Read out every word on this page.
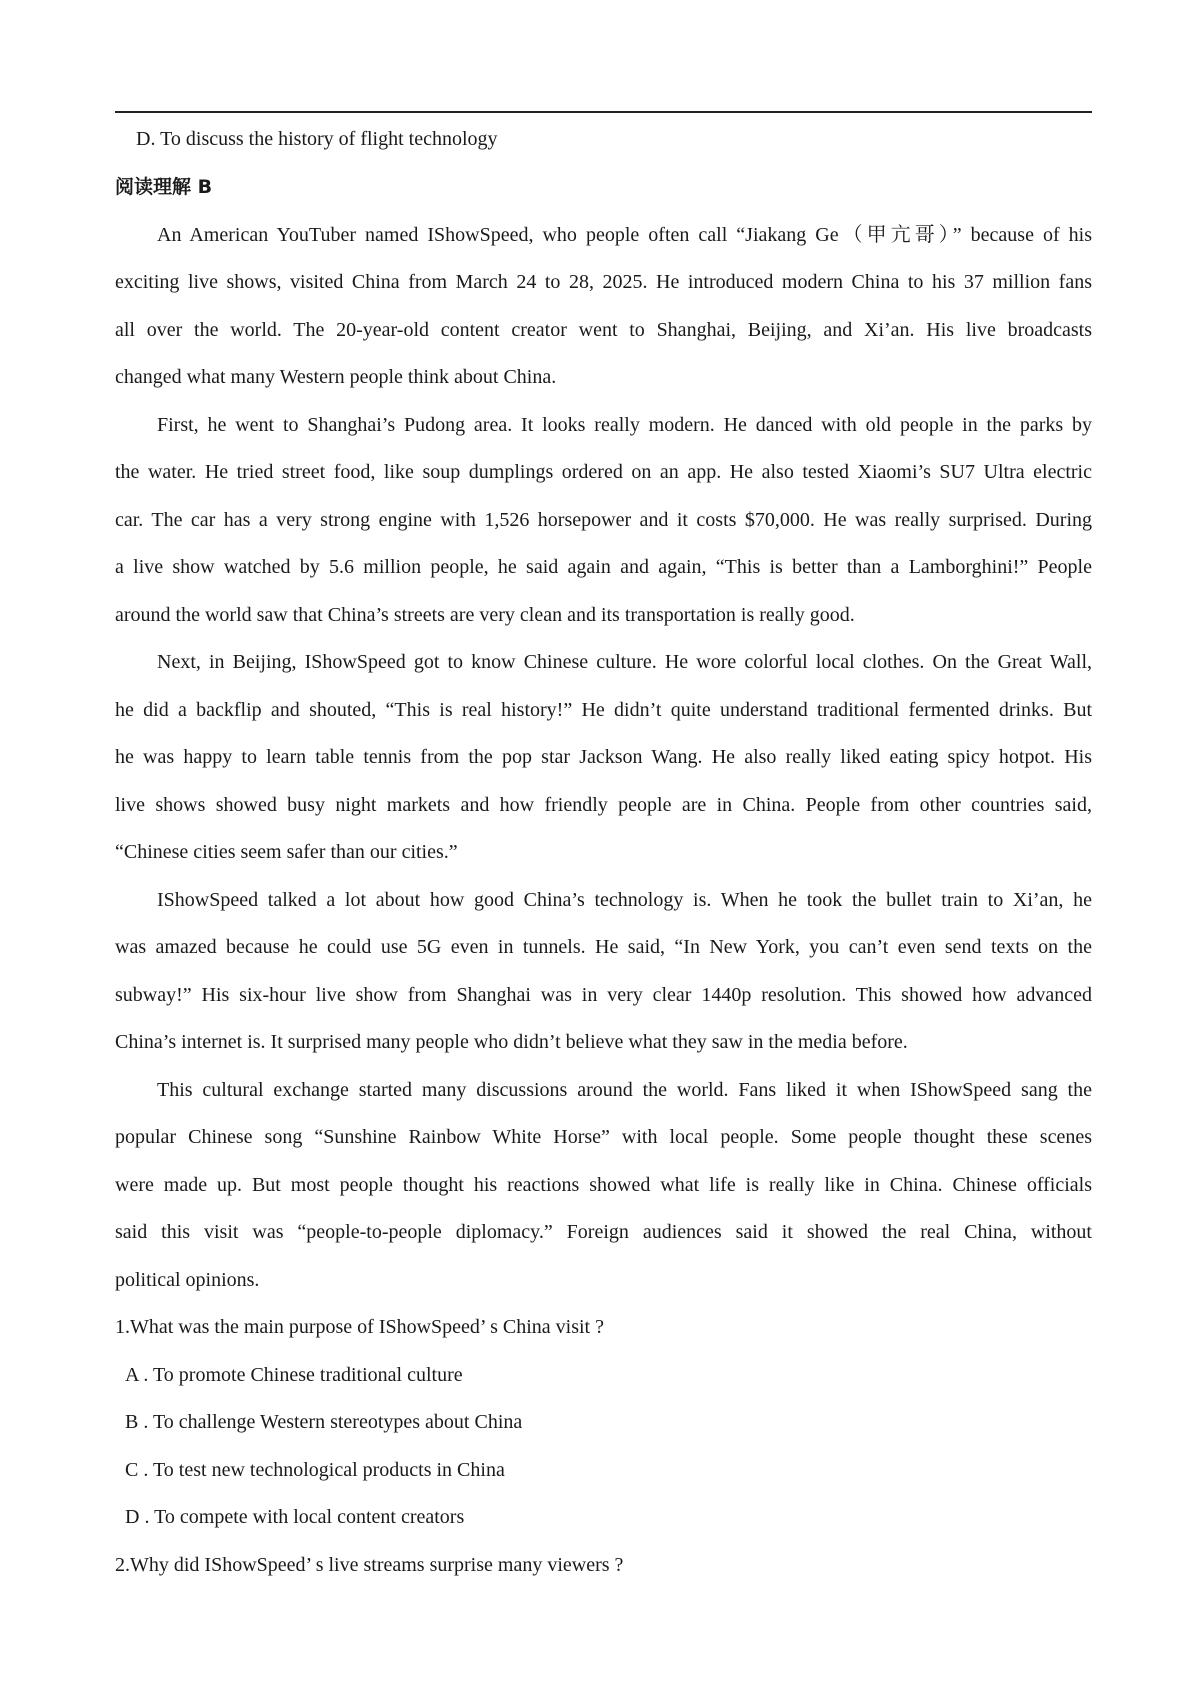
D. To discuss the history of flight technology
阅读理解 B
An American YouTuber named IShowSpeed, who people often call “Jiakang Ge（甲亢哥）” because of his
exciting live shows, visited China from March 24 to 28, 2025. He introduced modern China to his 37 million fans
all over the world. The 20-year-old content creator went to Shanghai, Beijing, and Xi’an. His live broadcasts
changed what many Western people think about China.
First, he went to Shanghai’s Pudong area. It looks really modern. He danced with old people in the parks by
the water. He tried street food, like soup dumplings ordered on an app. He also tested Xiaomi’s SU7 Ultra electric
car. The car has a very strong engine with 1,526 horsepower and it costs $70,000. He was really surprised. During
a live show watched by 5.6 million people, he said again and again, “This is better than a Lamborghini!” People
around the world saw that China’s streets are very clean and its transportation is really good.
Next, in Beijing, IShowSpeed got to know Chinese culture. He wore colorful local clothes. On the Great Wall,
he did a backflip and shouted, “This is real history!” He didn’t quite understand traditional fermented drinks. But
he was happy to learn table tennis from the pop star Jackson Wang. He also really liked eating spicy hotpot. His
live shows showed busy night markets and how friendly people are in China. People from other countries said,
“Chinese cities seem safer than our cities.”
IShowSpeed talked a lot about how good China’s technology is. When he took the bullet train to Xi’an, he
was amazed because he could use 5G even in tunnels. He said, “In New York, you can’t even send texts on the
subway!” His six-hour live show from Shanghai was in very clear 1440p resolution. This showed how advanced
China’s internet is. It surprised many people who didn’t believe what they saw in the media before.
This cultural exchange started many discussions around the world. Fans liked it when IShowSpeed sang the
popular Chinese song “Sunshine Rainbow White Horse” with local people. Some people thought these scenes
were made up. But most people thought his reactions showed what life is really like in China. Chinese officials
said this visit was “people-to-people diplomacy.” Foreign audiences said it showed the real China, without
political opinions.
1.What was the main purpose of IShowSpeed’ s China visit ?
A . To promote Chinese traditional culture
B . To challenge Western stereotypes about China
C . To test new technological products in China
D . To compete with local content creators
2.Why did IShowSpeed’ s live streams surprise many viewers ?
